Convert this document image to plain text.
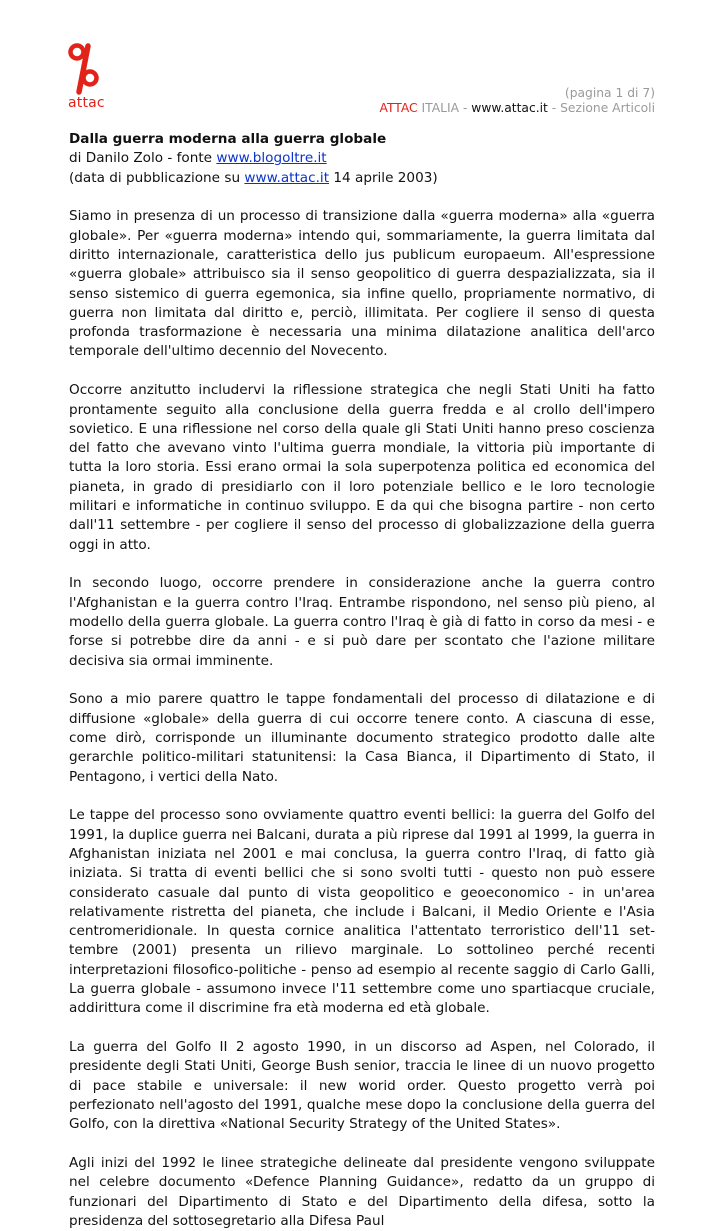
attac
(pagina 1 di 7)
ATTAC ITALIA - www.attac.it - Sezione Articoli

Dalla guerra moderna alla guerra globale

di Danilo Zolo - fonte www.blogoltre.it

(data di pubblicazione su www.attac.it 14 aprile 2003)

Siamo in presenza di un processo di transizione dalla «guerra moderna» alla «guerra globale». Per «guerra moderna» intendo qui, sommariamente, la guerra limitata dal diritto internazionale, caratteristica dello jus publicum europaeum. All'espressione «guerra globale» attribuisco sia il senso geopolitico di guerra despazializzata, sia il senso sistemico di guerra egemonica, sia infine quello, propriamente normativo, di guerra non limitata dal diritto e, perciò, illimitata. Per cogliere il senso di questa profonda trasformazione è necessaria una minima dilatazione analitica dell'arco temporale dell'ultimo decennio del Novecento.

Occorre anzitutto includervi la riflessione strategica che negli Stati Uniti ha fatto prontamente seguito alla conclusione della guerra fredda e al crollo dell'impero sovietico. E una riflessione nel corso della quale gli Stati Uniti hanno preso coscienza del fatto che avevano vinto l'ultima guerra mondiale, la vittoria più importante di tutta la loro storia. Essi erano ormai la sola superpotenza politica ed economica del pianeta, in grado di presidiarlo con il loro potenziale bellico e le loro tecnologie militari e informatiche in continuo sviluppo. E da qui che bisogna partire - non certo dall'11 settembre - per cogliere il senso del processo di globalizzazione della guerra oggi in atto.

In secondo luogo, occorre prendere in considerazione anche la guerra contro l'Afghanistan e la guerra contro l'Iraq. Entrambe rispondono, nel senso più pieno, al modello della guerra globale. La guerra contro l'Iraq è già di fatto in corso da mesi - e forse si potrebbe dire da anni - e si può dare per scontato che l'azione militare decisiva sia ormai imminente.

Sono a mio parere quattro le tappe fondamentali del processo di dilatazione e di diffusione «globale» della guerra di cui occorre tenere conto. A ciascuna di esse, come dirò, corrisponde un illuminante documento strategico prodotto dalle alte gerarchle politico-militari statunitensi: la Casa Bianca, il Dipartimento di Stato, il Pentagono, i vertici della Nato.

Le tappe del processo sono ovviamente quattro eventi bellici: la guerra del Golfo del 1991, la duplice guerra nei Balcani, durata a più riprese dal 1991 al 1999, la guerra in Afghanistan iniziata nel 2001 e mai conclusa, la guerra contro l'Iraq, di fatto già iniziata. Si tratta di eventi bellici che si sono svolti tutti - questo non può essere considerato casuale dal punto di vista geopolitico e geoeconomico - in un'area relativamente ristretta del pianeta, che include i Balcani, il Medio Oriente e l'Asia centromeridionale. In questa cornice analitica l'attentato terroristico dell'11 set-tembre (2001) presenta un rilievo marginale. Lo sottolineo perché recenti interpretazioni filosofico-politiche - penso ad esempio al recente saggio di Carlo Galli, La guerra globale - assumono invece l'11 settembre come uno spartiacque cruciale, addirittura come il discrimine fra età moderna ed età globale.

La guerra del Golfo II 2 agosto 1990, in un discorso ad Aspen, nel Colorado, il presidente degli Stati Uniti, George Bush senior, traccia le linee di un nuovo progetto di pace stabile e universale: il new worid order. Questo progetto verrà poi perfezionato nell'agosto del 1991, qualche mese dopo la conclusione della guerra del Golfo, con la direttiva «National Security Strategy of the United States».

Agli inizi del 1992 le linee strategiche delineate dal presidente vengono sviluppate nel celebre documento «Defence Planning Guidance», redatto da un gruppo di funzionari del Dipartimento di Stato e del Dipartimento della difesa, sotto la presidenza del sottosegretario alla Difesa Paul
